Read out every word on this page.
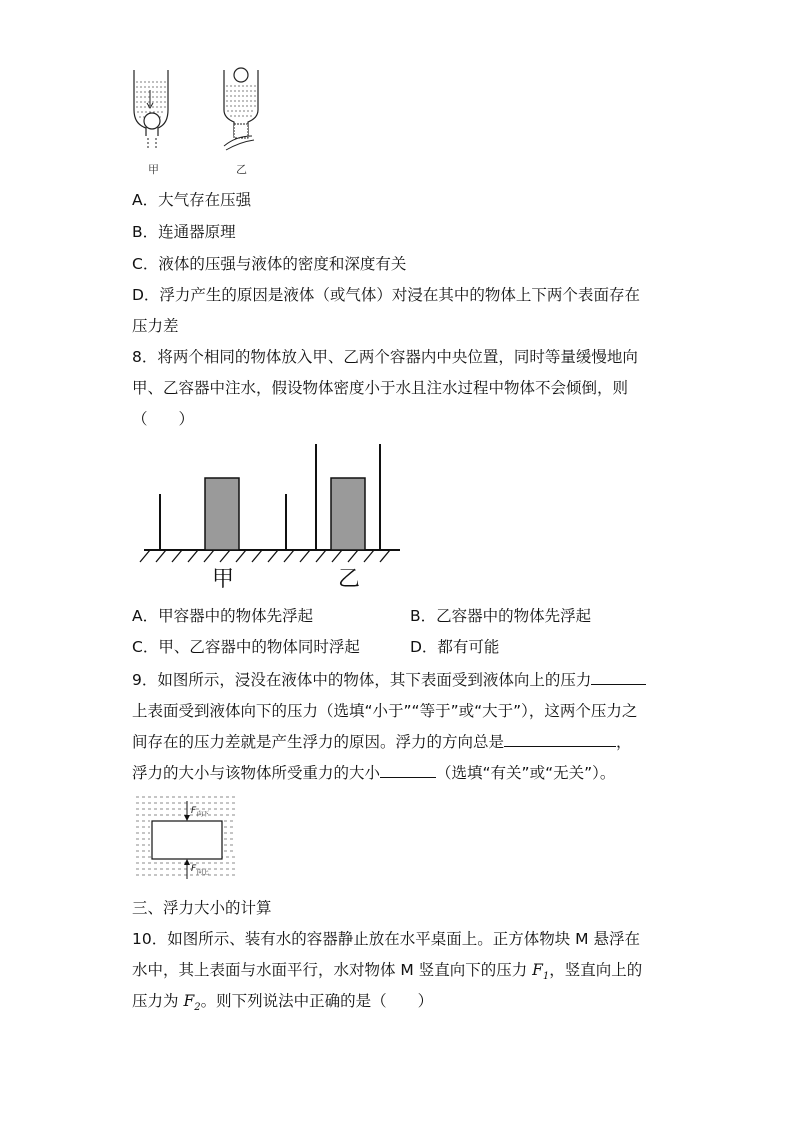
甲	乙
A．大气存在压强
B．连通器原理
C．液体的压强与液体的密度和深度有关
D．浮力产生的原因是液体（或气体）对浸在其中的物体上下两个表面存在
压力差
8．将两个相同的物体放入甲、乙两个容器内中央位置，同时等量缓慢地向
甲、乙容器中注水，假设物体密度小于水且注水过程中物体不会倾倒，则
（　　）
甲	乙
A．甲容器中的物体先浮起	B．乙容器中的物体先浮起
C．甲、乙容器中的物体同时浮起	D．都有可能
9．如图所示，浸没在液体中的物体，其下表面受到液体向上的压力
上表面受到液体向下的压力（选填“小于”“等于”或“大于”），这两个压力之
间存在的压力差就是产生浮力的原因。浮力的方向总是	，
浮力的大小与该物体所受重力的大小	（选填“有关”或“无关”）。
F 向下
F 向上
三、浮力大小的计算
10．如图所示、装有水的容器静止放在水平桌面上。正方体物块 M 悬浮在
水中，其上表面与水面平行，水对物体 M 竖直向下的压力 $F_1$，竖直向上的
压力为 $F_2$。则下列说法中正确的是（　　）
